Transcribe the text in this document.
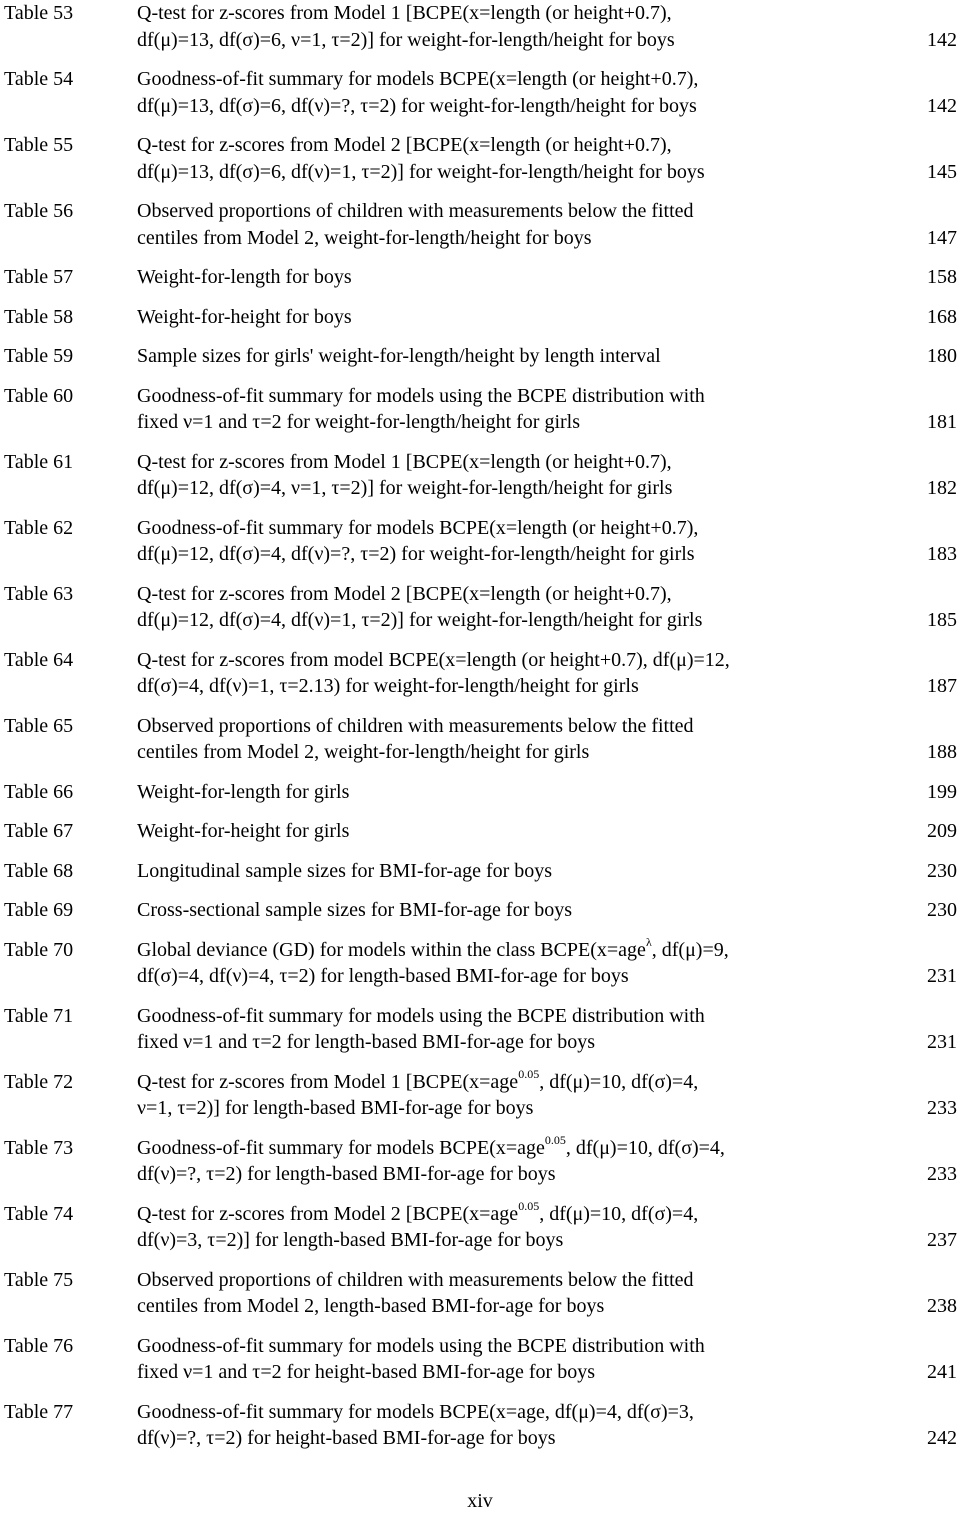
Table 53	Q-test for z-scores from Model 1 [BCPE(x=length (or height+0.7),
df(μ)=13, df(σ)=6, ν=1, τ=2)] for weight-for-length/height for boys	142
Table 54	Goodness-of-fit summary for models BCPE(x=length (or height+0.7),
df(μ)=13, df(σ)=6, df(ν)=?, τ=2) for weight-for-length/height for boys	142
Table 55	Q-test for z-scores from Model 2 [BCPE(x=length (or height+0.7),
df(μ)=13, df(σ)=6, df(ν)=1, τ=2)] for weight-for-length/height for boys	145
Table 56	Observed proportions of children with measurements below the fitted
centiles from Model 2, weight-for-length/height for boys	147
Table 57	Weight-for-length for boys	158
Table 58	Weight-for-height for boys	168
Table 59	Sample sizes for girls' weight-for-length/height by length interval	180
Table 60	Goodness-of-fit summary for models using the BCPE distribution with
fixed ν=1 and τ=2 for weight-for-length/height for girls	181
Table 61	Q-test for z-scores from Model 1 [BCPE(x=length (or height+0.7),
df(μ)=12, df(σ)=4, ν=1, τ=2)] for weight-for-length/height for girls	182
Table 62	Goodness-of-fit summary for models BCPE(x=length (or height+0.7),
df(μ)=12, df(σ)=4, df(ν)=?, τ=2) for weight-for-length/height for girls	183
Table 63	Q-test for z-scores from Model 2 [BCPE(x=length (or height+0.7),
df(μ)=12, df(σ)=4, df(ν)=1, τ=2)] for weight-for-length/height for girls	185
Table 64	Q-test for z-scores from model BCPE(x=length (or height+0.7), df(μ)=12,
df(σ)=4, df(ν)=1, τ=2.13) for weight-for-length/height for girls	187
Table 65	Observed proportions of children with measurements below the fitted
centiles from Model 2, weight-for-length/height for girls	188
Table 66	Weight-for-length for girls	199
Table 67	Weight-for-height for girls	209
Table 68	Longitudinal sample sizes for BMI-for-age for boys	230
Table 69	Cross-sectional sample sizes for BMI-for-age for boys	230
Table 70	Global deviance (GD) for models within the class BCPE(x=age$^\lambda$, df(μ)=9,
df(σ)=4, df(ν)=4, τ=2) for length-based BMI-for-age for boys	231
Table 71	Goodness-of-fit summary for models using the BCPE distribution with
fixed ν=1 and τ=2 for length-based BMI-for-age for boys	231
Table 72	Q-test for z-scores from Model 1 [BCPE(x=age$^{0.05}$, df(μ)=10, df(σ)=4,
ν=1, τ=2)] for length-based BMI-for-age for boys	233
Table 73	Goodness-of-fit summary for models BCPE(x=age$^{0.05}$, df(μ)=10, df(σ)=4,
df(ν)=?, τ=2) for length-based BMI-for-age for boys	233
Table 74	Q-test for z-scores from Model 2 [BCPE(x=age$^{0.05}$, df(μ)=10, df(σ)=4,
df(ν)=3, τ=2)] for length-based BMI-for-age for boys	237
Table 75	Observed proportions of children with measurements below the fitted
centiles from Model 2, length-based BMI-for-age for boys	238
Table 76	Goodness-of-fit summary for models using the BCPE distribution with
fixed ν=1 and τ=2 for height-based BMI-for-age for boys	241
Table 77	Goodness-of-fit summary for models BCPE(x=age, df(μ)=4, df(σ)=3,
df(ν)=?, τ=2) for height-based BMI-for-age for boys	242
xiv
